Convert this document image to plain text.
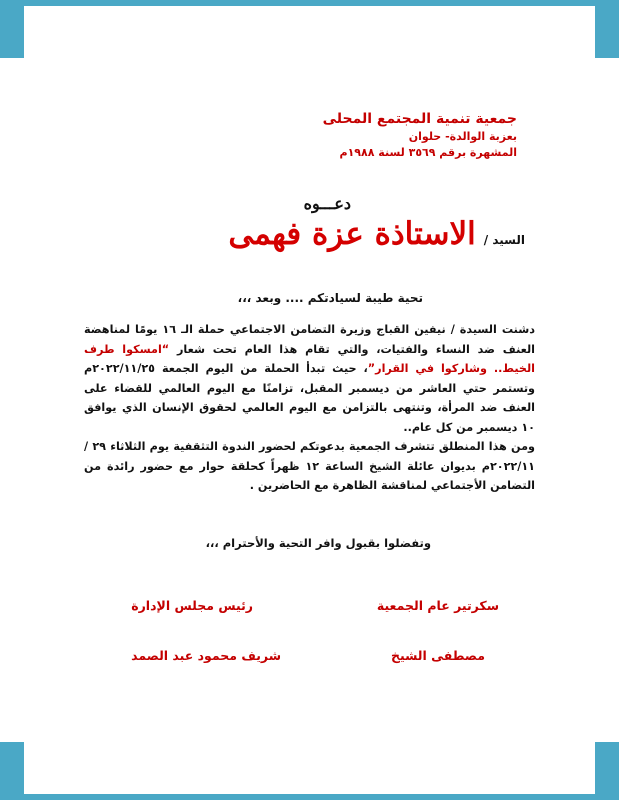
جمعية تنمية المجتمع المحلى
بعزبة الوالدة- حلوان
المشهرة برقم ٣٥٦٩ لسنة ١٩٨٨م
دعـــوه
السيد /
الاستاذة عزة فهمى
تحية طيبة لسيادتكم .... وبعد ،،،

دشنت السيدة / نيفين القباج وزيرة التضامن الاجتماعي حملة الـ ١٦ يومًا لمناهضة العنف ضد النساء والفتيات، والتي تقام هذا العام تحت شعار “امسكوا طرف الخيط.. وشاركوا في القرار”، حيث تبدأ الحملة من اليوم الجمعة ٢٠٢٢/١١/٢٥م وتستمر حتي العاشر من ديسمبر المقبل، تزامنًا مع اليوم العالمي للقضاء على العنف ضد المرأة، وتنتهى بالتزامن مع اليوم العالمي لحقوق الإنسان الذي يوافق ١٠ ديسمبر من كل عام..

ومن هذا المنطلق تتشرف الجمعية بدعوتكم لحضور الندوة التثقفية يوم الثلاثاء ٢٩ /٢٠٢٢/١١م بديوان عائلة الشيخ الساعة ١٢ ظهراً كحلقة حوار مع حضور رائدة من التضامن الأجتماعي لمناقشة الظاهرة مع الحاضرين .

وتفضلوا بقبول وافر التحية والأحترام ،،،
سكرتير عام الجمعية
مصطفى الشيخ
رئيس مجلس الإدارة
شريف محمود عبد الصمد
